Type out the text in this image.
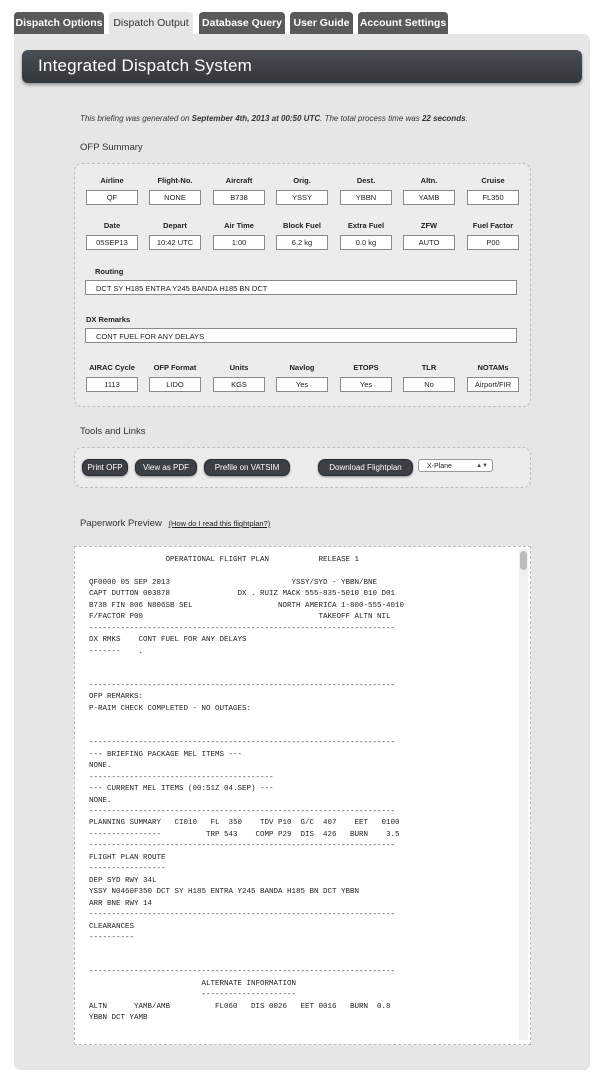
Dispatch Options	Dispatch Output	Database Query	User Guide Account Settings
Integrated Dispatch System
This briefing was generated on September 4th, 2013 at 00:50 UTC. The total process time was 22 seconds.
OFP Summary
Airline
QF
Flight-No.
NONE
Aircraft
B738
Orig.
YSSY
Dest.
YBBN
Altn.
YAMB
Cruise
FL350
Date
05SEP13
Depart
10:42 UTC
Air Time
1:00
Block Fuel
6.2 kg
Extra Fuel
0.0 kg
ZFW
AUTO
Fuel Factor
P00
Routing
DCT SY H185 ENTRA Y245 BANDA H185 BN DCT
DX Remarks
CONT FUEL FOR ANY DELAYS
AIRAC Cycle
1113
OFP Format
LIDO
Units
KGS
Navlog
Yes
ETOPS
Yes
TLR
No
NOTAMs
Airport/FIR
Tools and Links
Print OFP	View as PDF	Prefile on VATSIM	Download Flightplan	X-Plane	▲▼
Paperwork Preview (How do I read this flightplan?)
OPERATIONAL FLIGHT PLAN           RELEASE 1

QF0000 05 SEP 2013                           YSSY/SYD - YBBN/BNE
CAPT DUTTON 003878               DX . RUIZ MACK 555-835-5010 010 D01
B738 FIN 806 N806SB SEL                   NORTH AMERICA 1-800-555-4010
F/FACTOR P00                                       TAKEOFF ALTN NIL
--------------------------------------------------------------------
DX RMKS    CONT FUEL FOR ANY DELAYS
-------    .

--------------------------------------------------------------------
OFP REMARKS:
P-RAIM CHECK COMPLETED - NO OUTAGES:

--------------------------------------------------------------------
--- BRIEFING PACKAGE MEL ITEMS ---
NONE.
-----------------------------------------
--- CURRENT MEL ITEMS (00:51Z 04.SEP) ---
NONE.
--------------------------------------------------------------------
PLANNING SUMMARY   CI010   FL  350    TDV P10  G/C  407    EET   0100
----------------          TRP 543    COMP P29  DIS  426   BURN    3.5
--------------------------------------------------------------------
FLIGHT PLAN ROUTE
-----------------
DEP SYD RWY 34L
YSSY N0460F350 DCT SY H185 ENTRA Y245 BANDA H185 BN DCT YBBN
ARR BNE RWY 14
--------------------------------------------------------------------
CLEARANCES
----------

--------------------------------------------------------------------
ALTERNATE INFORMATION
---------------------
ALTN      YAMB/AMB          FL060   DIS 0026   EET 0016   BURN  0.8
YBBN DCT YAMB
